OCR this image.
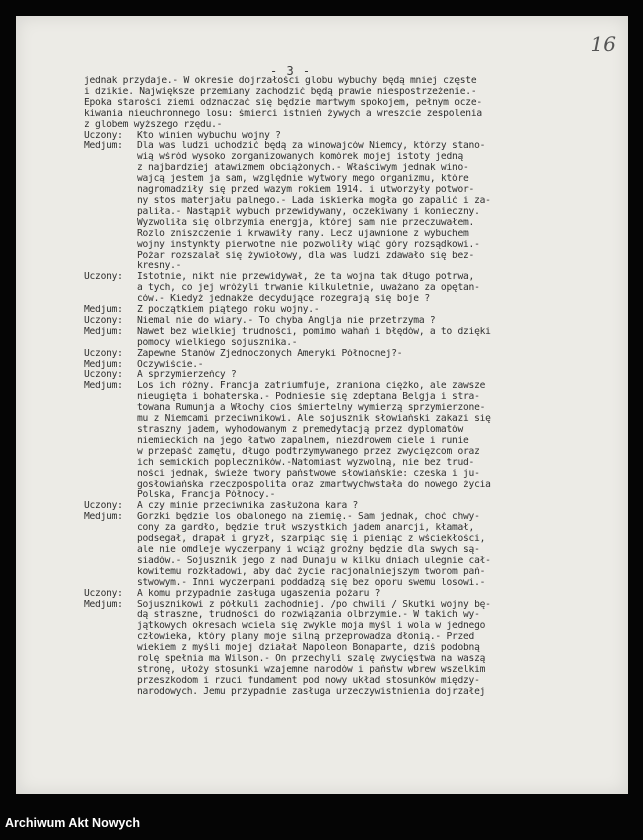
- 3 -

16

jednak przydaje.- W okresie dojrzałości globu wybuchy będą mniej częste
i dzikie. Największe przemiany zachodzić będą prawie niespostrzeżenie.-
Epoka starości ziemi odznaczać się będzie martwym spokojem, pełnym ocze-
kiwania nieuchronnego losu: śmierci istnień żywych a wreszcie zespolenia
z globem wyższego rzędu.-
Uczony:	Kto winien wybuchu wojny ?
Medjum:	Dla was ludzi uchodzić będą za winowajców Niemcy, którzy stano-
wią wśród wysoko zorganizowanych komórek mojej istoty jedną
z najbardziej atawizmem obciążonych.- Właściwym jednak wino-
wajcą jestem ja sam, względnie wytwory mego organizmu, które
nagromadziły się przed wazym rokiem 1914. i utworzyły potwor-
ny stos materjału palnego.- Lada iskierka mogła go zapalić i za-
paliła.- Nastąpił wybuch przewidywany, oczekiwany i konieczny.
Wyzwoliła się olbrzymia energja, której sam nie przeczuwałem.
Rozlo zniszczenie i krwawiły rany. Lecz ujawnione z wybuchem
wojny instynkty pierwotne nie pozwoliły wiąć góry rozsądkowi.-
Pożar rozszalał się żywiołowy, dla was ludzi zdawało się bez-
kresny.-
Uczony:	Istotnie, nikt nie przewidywał, że ta wojna tak długo potrwa,
a tych, co jej wróżyli trwanie kilkuletnie, uważano za opętan-
ców.- Kiedyż jednakże decydujące rozegrają się boje ?
Medjum:	Z początkiem piątego roku wojny.-
Uczony:	Niemal nie do wiary.- To chyba Anglja nie przetrzyma ?
Medjum:	Nawet bez wielkiej trudności, pomimo wahań i błędów, a to dzięki
pomocy wielkiego sojusznika.-
Uczony:	Zapewne Stanów Zjednoczonych Ameryki Północnej?-
Medjum:	Oczywiście.-
Uczony:	A sprzymierzeńcy ?
Medjum:	Los ich różny. Francja zatriumfuje, zraniona ciężko, ale zawsze
nieugięta i bohaterska.- Podniesie się zdeptana Belgja i stra-
towana Rumunja a Włochy cios śmiertelny wymierzą sprzymierzone-
mu z Niemcami przeciwnikowi. Ale sojusznik słowiański zakazi się
straszny jadem, wyhodowanym z premedytacją przez dyplomatów
niemieckich na jego łatwo zapalnem, niezdrowem ciele i runie
w przepaść zamętu, długo podtrzymywanego przez zwycięzcom oraz
ich semickich popleczników.-Natomiast wyzwolną, nie bez trud-
ności jednak, świeże twory państwowe słowiańskie: czeska i ju-
gosłowiańska rzeczpospolita oraz zmartwychwstała do nowego życia
Polska, Francja Północy.-
Uczony:	A czy minie przeciwnika zasłużona kara ?
Medjum:	Gorzki będzie los obalonego na ziemię.- Sam jednak, choć chwy-
cony za gardło, będzie truł wszystkich jadem anarcji, kłamał,
podsegał, drapał i gryzł, szarpiąc się i pieniąc z wściekłości,
ale nie omdleje wyczerpany i wciąż groźny będzie dla swych są-
siadów.- Sojusznik jego z nad Dunaju w kilku dniach ulegnie cał-
kowitemu rozkładowi, aby dać życie racjonalniejszym tworom pań-
stwowym.- Inni wyczerpani poddadzą się bez oporu swemu losowi.-
Uczony:	A komu przypadnie zasługa ugaszenia pożaru ?
Medjum:	Sojusznikowi z półkuli zachodniej. /po chwili / Skutki wojny bę-
dą straszne, trudności do rozwiązania olbrzymie.- W takich wy-
jątkowych okresach wciela się zwykle moja myśl i wola w jednego
człowieka, który plany moje silną przeprowadza dłonią.- Przed
wiekiem z myśli mojej działał Napoleon Bonaparte, dziś podobną
rolę spełnia ma Wilson.- On przechyli szalę zwycięstwa na waszą
stronę, ułoży stosunki wzajemne narodów i państw wbrew wszelkim
przeszkodom i rzuci fundament pod nowy układ stosunków między-
narodowych. Jemu przypadnie zasługa urzeczywistnienia dojrzałej

Archiwum Akt Nowych
